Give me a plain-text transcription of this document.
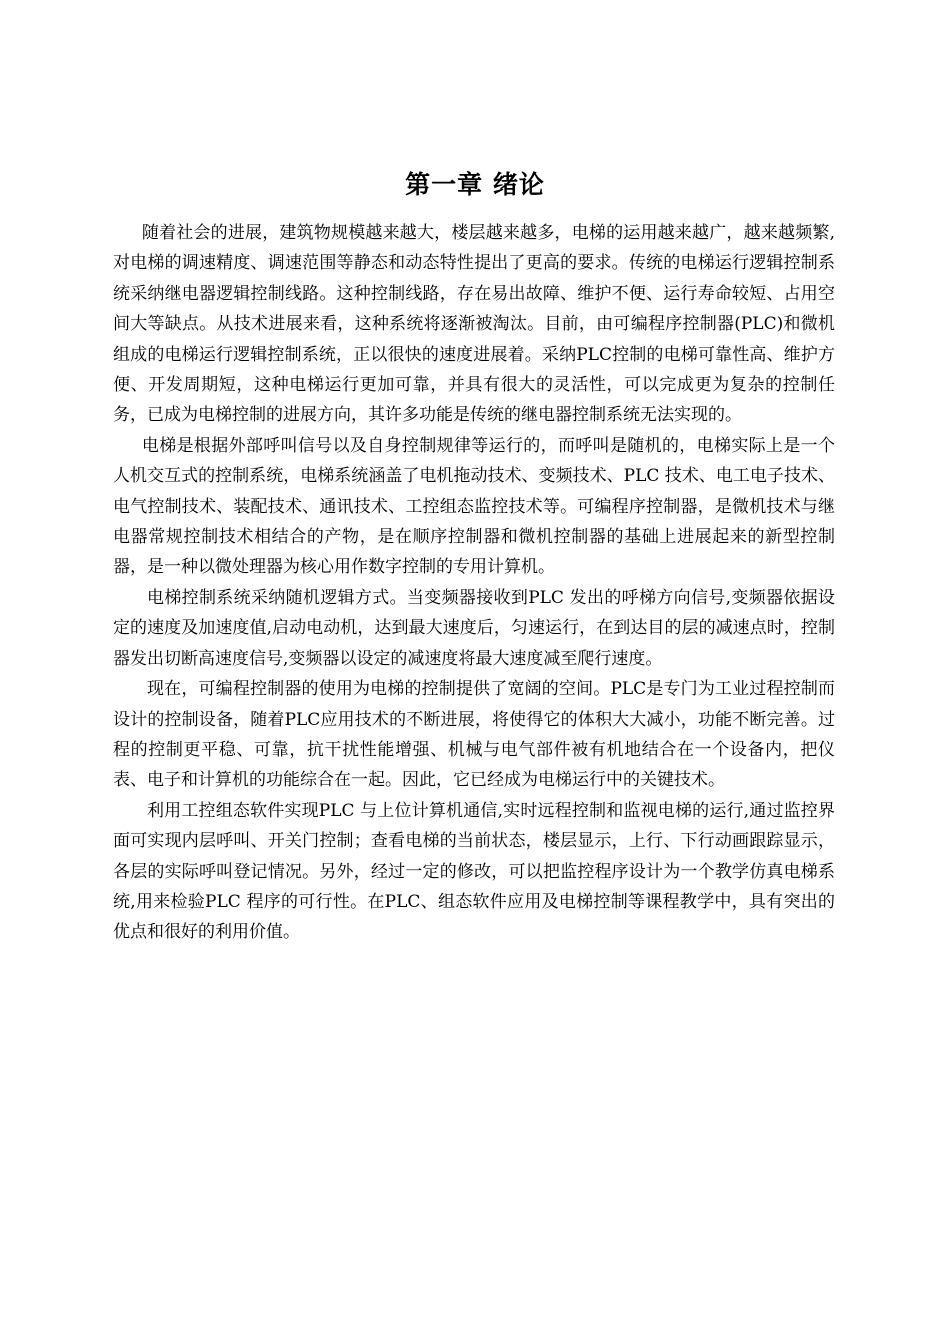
第一章 绪论

随着社会的进展，建筑物规模越来越大，楼层越来越多，电梯的运用越来越广，越来越频繁,对电梯的调速精度、调速范围等静态和动态特性提出了更高的要求。传统的电梯运行逻辑控制系统采纳继电器逻辑控制线路。这种控制线路，存在易出故障、维护不便、运行寿命较短、占用空间大等缺点。从技术进展来看，这种系统将逐渐被淘汰。目前，由可编程序控制器(PLC)和微机组成的电梯运行逻辑控制系统，正以很快的速度进展着。采纳PLC控制的电梯可靠性高、维护方便、开发周期短，这种电梯运行更加可靠，并具有很大的灵活性，可以完成更为复杂的控制任务，已成为电梯控制的进展方向，其许多功能是传统的继电器控制系统无法实现的。

电梯是根据外部呼叫信号以及自身控制规律等运行的，而呼叫是随机的，电梯实际上是一个人机交互式的控制系统，电梯系统涵盖了电机拖动技术、变频技术、PLC 技术、电工电子技术、电气控制技术、装配技术、通讯技术、工控组态监控技术等。可编程序控制器，是微机技术与继电器常规控制技术相结合的产物，是在顺序控制器和微机控制器的基础上进展起来的新型控制器，是一种以微处理器为核心用作数字控制的专用计算机。

电梯控制系统采纳随机逻辑方式。当变频器接收到PLC 发出的呼梯方向信号,变频器依据设定的速度及加速度值,启动电动机，达到最大速度后，匀速运行，在到达目的层的减速点时，控制器发出切断高速度信号,变频器以设定的减速度将最大速度减至爬行速度。

现在，可编程控制器的使用为电梯的控制提供了宽阔的空间。PLC是专门为工业过程控制而设计的控制设备，随着PLC应用技术的不断进展，将使得它的体积大大减小，功能不断完善。过程的控制更平稳、可靠，抗干扰性能增强、机械与电气部件被有机地结合在一个设备内，把仪表、电子和计算机的功能综合在一起。因此，它已经成为电梯运行中的关键技术。

利用工控组态软件实现PLC 与上位计算机通信,实时远程控制和监视电梯的运行,通过监控界面可实现内层呼叫、开关门控制；查看电梯的当前状态，楼层显示，上行、下行动画跟踪显示，各层的实际呼叫登记情况。另外，经过一定的修改，可以把监控程序设计为一个教学仿真电梯系统,用来检验PLC 程序的可行性。在PLC、组态软件应用及电梯控制等课程教学中，具有突出的优点和很好的利用价值。
